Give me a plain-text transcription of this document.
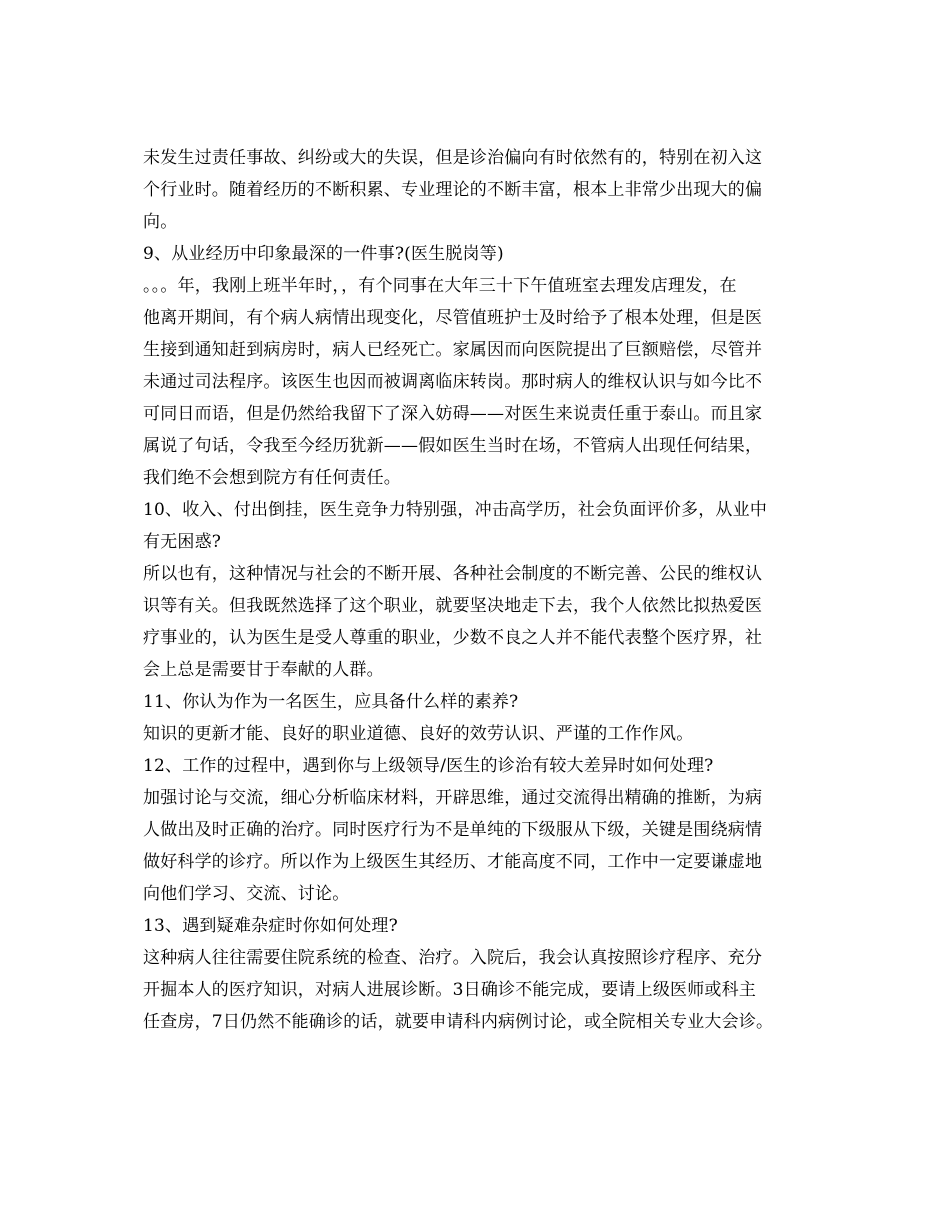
未发生过责任事故、纠纷或大的失误，但是诊治偏向有时依然有的，特别在初入这
个行业时。随着经历的不断积累、专业理论的不断丰富，根本上非常少出现大的偏
向。
9、从业经历中印象最深的一件事?(医生脱岗等)
。。。年，我刚上班半年时，，有个同事在大年三十下午值班室去理发店理发，在
他离开期间，有个病人病情出现变化，尽管值班护士及时给予了根本处理，但是医
生接到通知赶到病房时，病人已经死亡。家属因而向医院提出了巨额赔偿，尽管并
未通过司法程序。该医生也因而被调离临床转岗。那时病人的维权认识与如今比不
可同日而语，但是仍然给我留下了深入妨碍——对医生来说责任重于泰山。而且家
属说了句话，令我至今经历犹新——假如医生当时在场，不管病人出现任何结果，
我们绝不会想到院方有任何责任。
10、收入、付出倒挂，医生竞争力特别强，冲击高学历，社会负面评价多，从业中
有无困惑?
所以也有，这种情况与社会的不断开展、各种社会制度的不断完善、公民的维权认
识等有关。但我既然选择了这个职业，就要坚决地走下去，我个人依然比拟热爱医
疗事业的，认为医生是受人尊重的职业，少数不良之人并不能代表整个医疗界，社
会上总是需要甘于奉献的人群。
11、你认为作为一名医生，应具备什么样的素养?
知识的更新才能、良好的职业道德、良好的效劳认识、严谨的工作作风。
12、工作的过程中，遇到你与上级领导/医生的诊治有较大差异时如何处理?
加强讨论与交流，细心分析临床材料，开辟思维，通过交流得出精确的推断，为病
人做出及时正确的治疗。同时医疗行为不是单纯的下级服从下级，关键是围绕病情
做好科学的诊疗。所以作为上级医生其经历、才能高度不同，工作中一定要谦虚地
向他们学习、交流、讨论。
13、遇到疑难杂症时你如何处理?
这种病人往往需要住院系统的检查、治疗。入院后，我会认真按照诊疗程序、充分
开掘本人的医疗知识，对病人进展诊断。3日确诊不能完成，要请上级医师或科主
任查房，7日仍然不能确诊的话，就要申请科内病例讨论，或全院相关专业大会诊。
